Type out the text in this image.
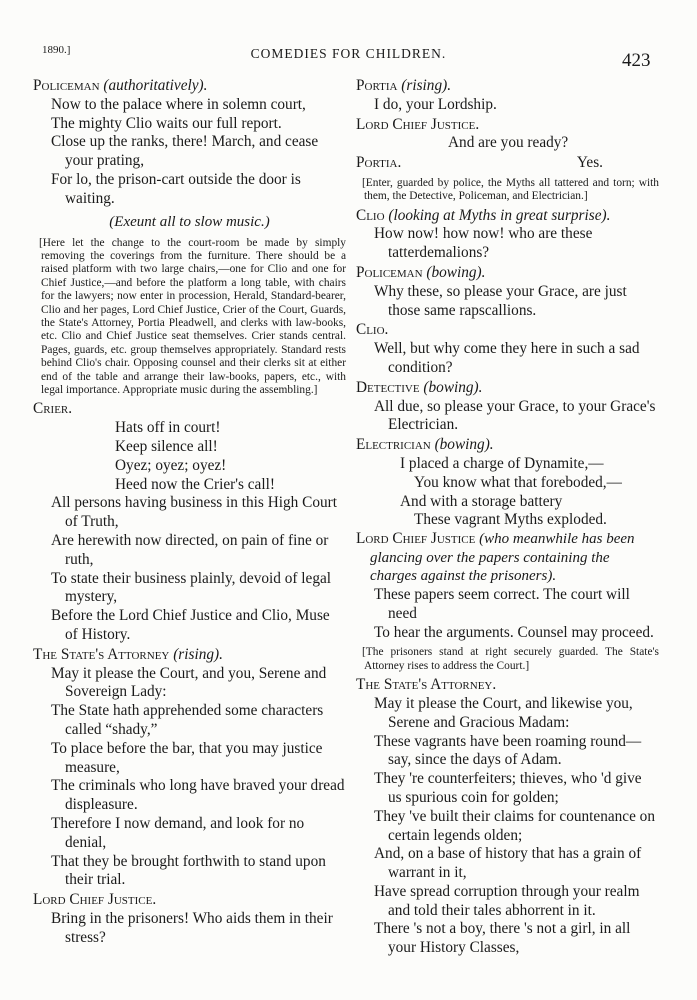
1890.]	COMEDIES FOR CHILDREN.	423
Policeman (authoritatively).
Now to the palace where in solemn court,
The mighty Clio waits our full report.
Close up the ranks, there! March, and cease your prating,
For lo, the prison-cart outside the door is waiting.
(Exeunt all to slow music.)
[Here let the change to the court-room be made by simply removing the coverings from the furniture. There should be a raised platform with two large chairs,—one for Clio and one for Chief Justice,—and before the platform a long table, with chairs for the lawyers; now enter in procession, Herald, Standard-bearer, Clio and her pages, Lord Chief Justice, Crier of the Court, Guards, the State's Attorney, Portia Pleadwell, and clerks with law-books, etc. Clio and Chief Justice seat themselves. Crier stands central. Pages, guards, etc. group themselves appropriately. Standard rests behind Clio's chair. Opposing counsel and their clerks sit at either end of the table and arrange their law-books, papers, etc., with legal importance. Appropriate music during the assembling.]
Crier.
Hats off in court!
Keep silence all!
Oyez; oyez; oyez!
Heed now the Crier's call!
All persons having business in this High Court of Truth,
Are herewith now directed, on pain of fine or ruth,
To state their business plainly, devoid of legal mystery,
Before the Lord Chief Justice and Clio, Muse of History.
The State's Attorney (rising).
May it please the Court, and you, Serene and Sovereign Lady:
The State hath apprehended some characters called “shady,”
To place before the bar, that you may justice measure,
The criminals who long have braved your dread displeasure.
Therefore I now demand, and look for no denial,
That they be brought forthwith to stand upon their trial.
Lord Chief Justice.
Bring in the prisoners! Who aids them in their stress?
Portia (rising).
I do, your Lordship.
Lord Chief Justice.
And are you ready?
Portia.	Yes.
[Enter, guarded by police, the Myths all tattered and torn; with them, the Detective, Policeman, and Electrician.]
Clio (looking at Myths in great surprise).
How now! how now! who are these tatterdemalions?
Policeman (bowing).
Why these, so please your Grace, are just those same rapscallions.
Clio.
Well, but why come they here in such a sad condition?
Detective (bowing).
All due, so please your Grace, to your Grace's Electrician.
Electrician (bowing).
I placed a charge of Dynamite,—
You know what that foreboded,—
And with a storage battery
These vagrant Myths exploded.
Lord Chief Justice (who meanwhile has been glancing over the papers containing the charges against the prisoners).
These papers seem correct. The court will need
To hear the arguments. Counsel may proceed.
[The prisoners stand at right securely guarded. The State's Attorney rises to address the Court.]
The State's Attorney.
May it please the Court, and likewise you, Serene and Gracious Madam:
These vagrants have been roaming round—say, since the days of Adam.
They 're counterfeiters; thieves, who 'd give us spurious coin for golden;
They 've built their claims for countenance on certain legends olden;
And, on a base of history that has a grain of warrant in it,
Have spread corruption through your realm and told their tales abhorrent in it.
There 's not a boy, there 's not a girl, in all your History Classes,
